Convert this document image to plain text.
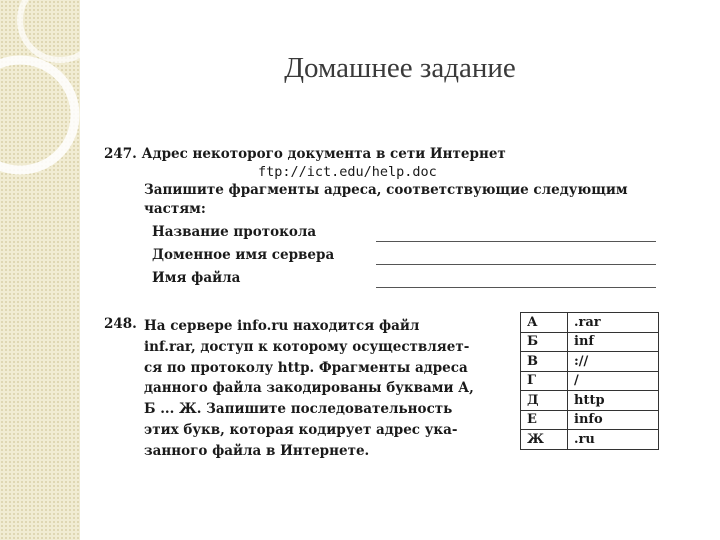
Домашнее задание
247. Адрес некоторого документа в сети Интернет
ftp://ict.edu/help.doc
Запишите фрагменты адреса, соответствующие следующим
частям:
Название протокола
Доменное имя сервера
Имя файла
248. На сервере info.ru находится файл
inf.rar, доступ к которому осуществляет-
ся по протоколу http. Фрагменты адреса
данного файла закодированы буквами А,
Б ... Ж. Запишите последовательность
этих букв, которая кодирует адрес ука-
занного файла в Интернете.
А	.rar
Б	inf
В	://
Г	/
Д	http
Е	info
Ж	.ru
